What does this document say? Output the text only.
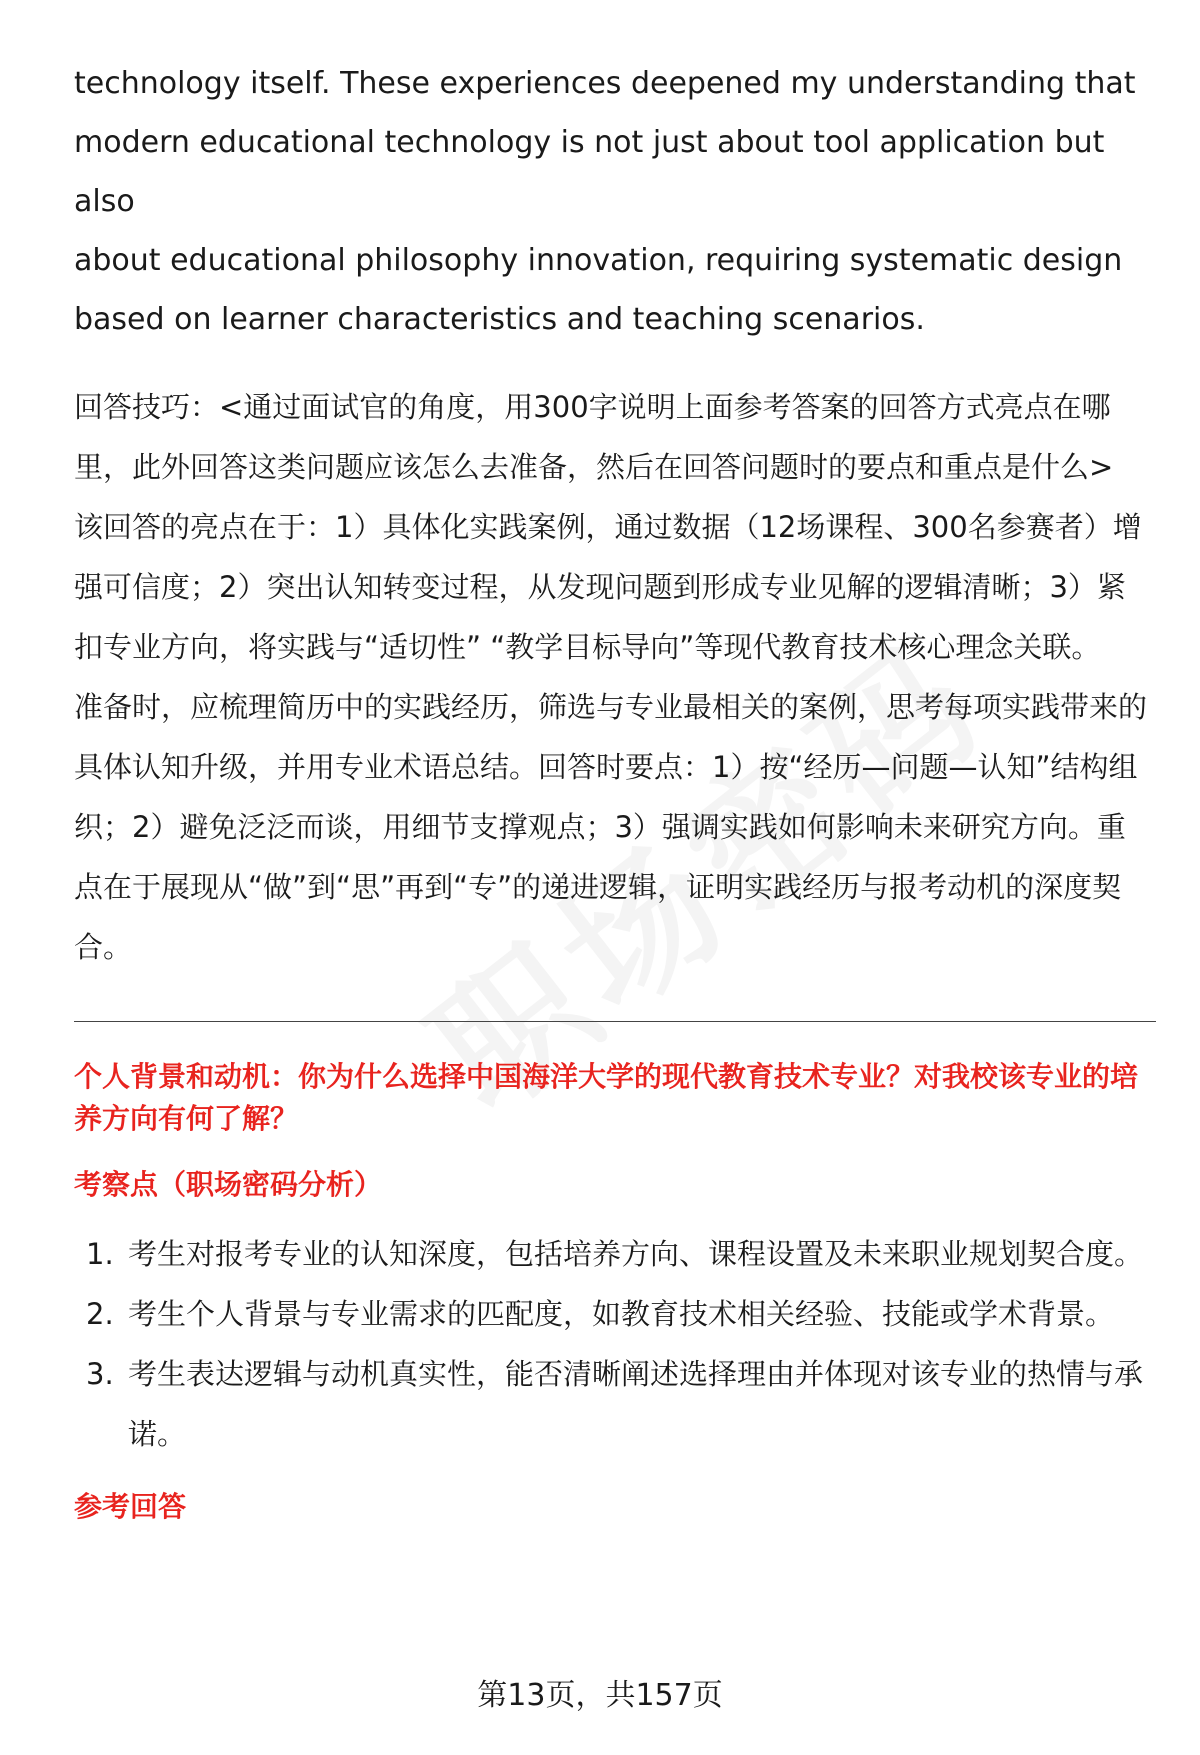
technology itself. These experiences deepened my understanding that
modern educational technology is not just about tool application but also
about educational philosophy innovation, requiring systematic design
based on learner characteristics and teaching scenarios.

回答技巧：<通过面试官的角度，用300字说明上面参考答案的回答方式亮点在哪里，此外回答这类问题应该怎么去准备，然后在回答问题时的要点和重点是什么>

该回答的亮点在于：1）具体化实践案例，通过数据（12场课程、300名参赛者）增强可信度；2）突出认知转变过程，从发现问题到形成专业见解的逻辑清晰；3）紧扣专业方向，将实践与“适切性” “教学目标导向”等现代教育技术核心理念关联。

准备时，应梳理简历中的实践经历，筛选与专业最相关的案例，思考每项实践带来的具体认知升级，并用专业术语总结。回答时要点：1）按“经历—问题—认知”结构组织；2）避免泛泛而谈，用细节支撑观点；3）强调实践如何影响未来研究方向。重点在于展现从“做”到“思”再到“专”的递进逻辑，证明实践经历与报考动机的深度契合。

个人背景和动机：你为什么选择中国海洋大学的现代教育技术专业？对我校该专业的培养方向有何了解？
考察点（职场密码分析）
1. 考生对报考专业的认知深度，包括培养方向、课程设置及未来职业规划契合度。
2. 考生个人背景与专业需求的匹配度，如教育技术相关经验、技能或学术背景。
3. 考生表达逻辑与动机真实性，能否清晰阐述选择理由并体现对该专业的热情与承诺。
参考回答
第13页，共157页
